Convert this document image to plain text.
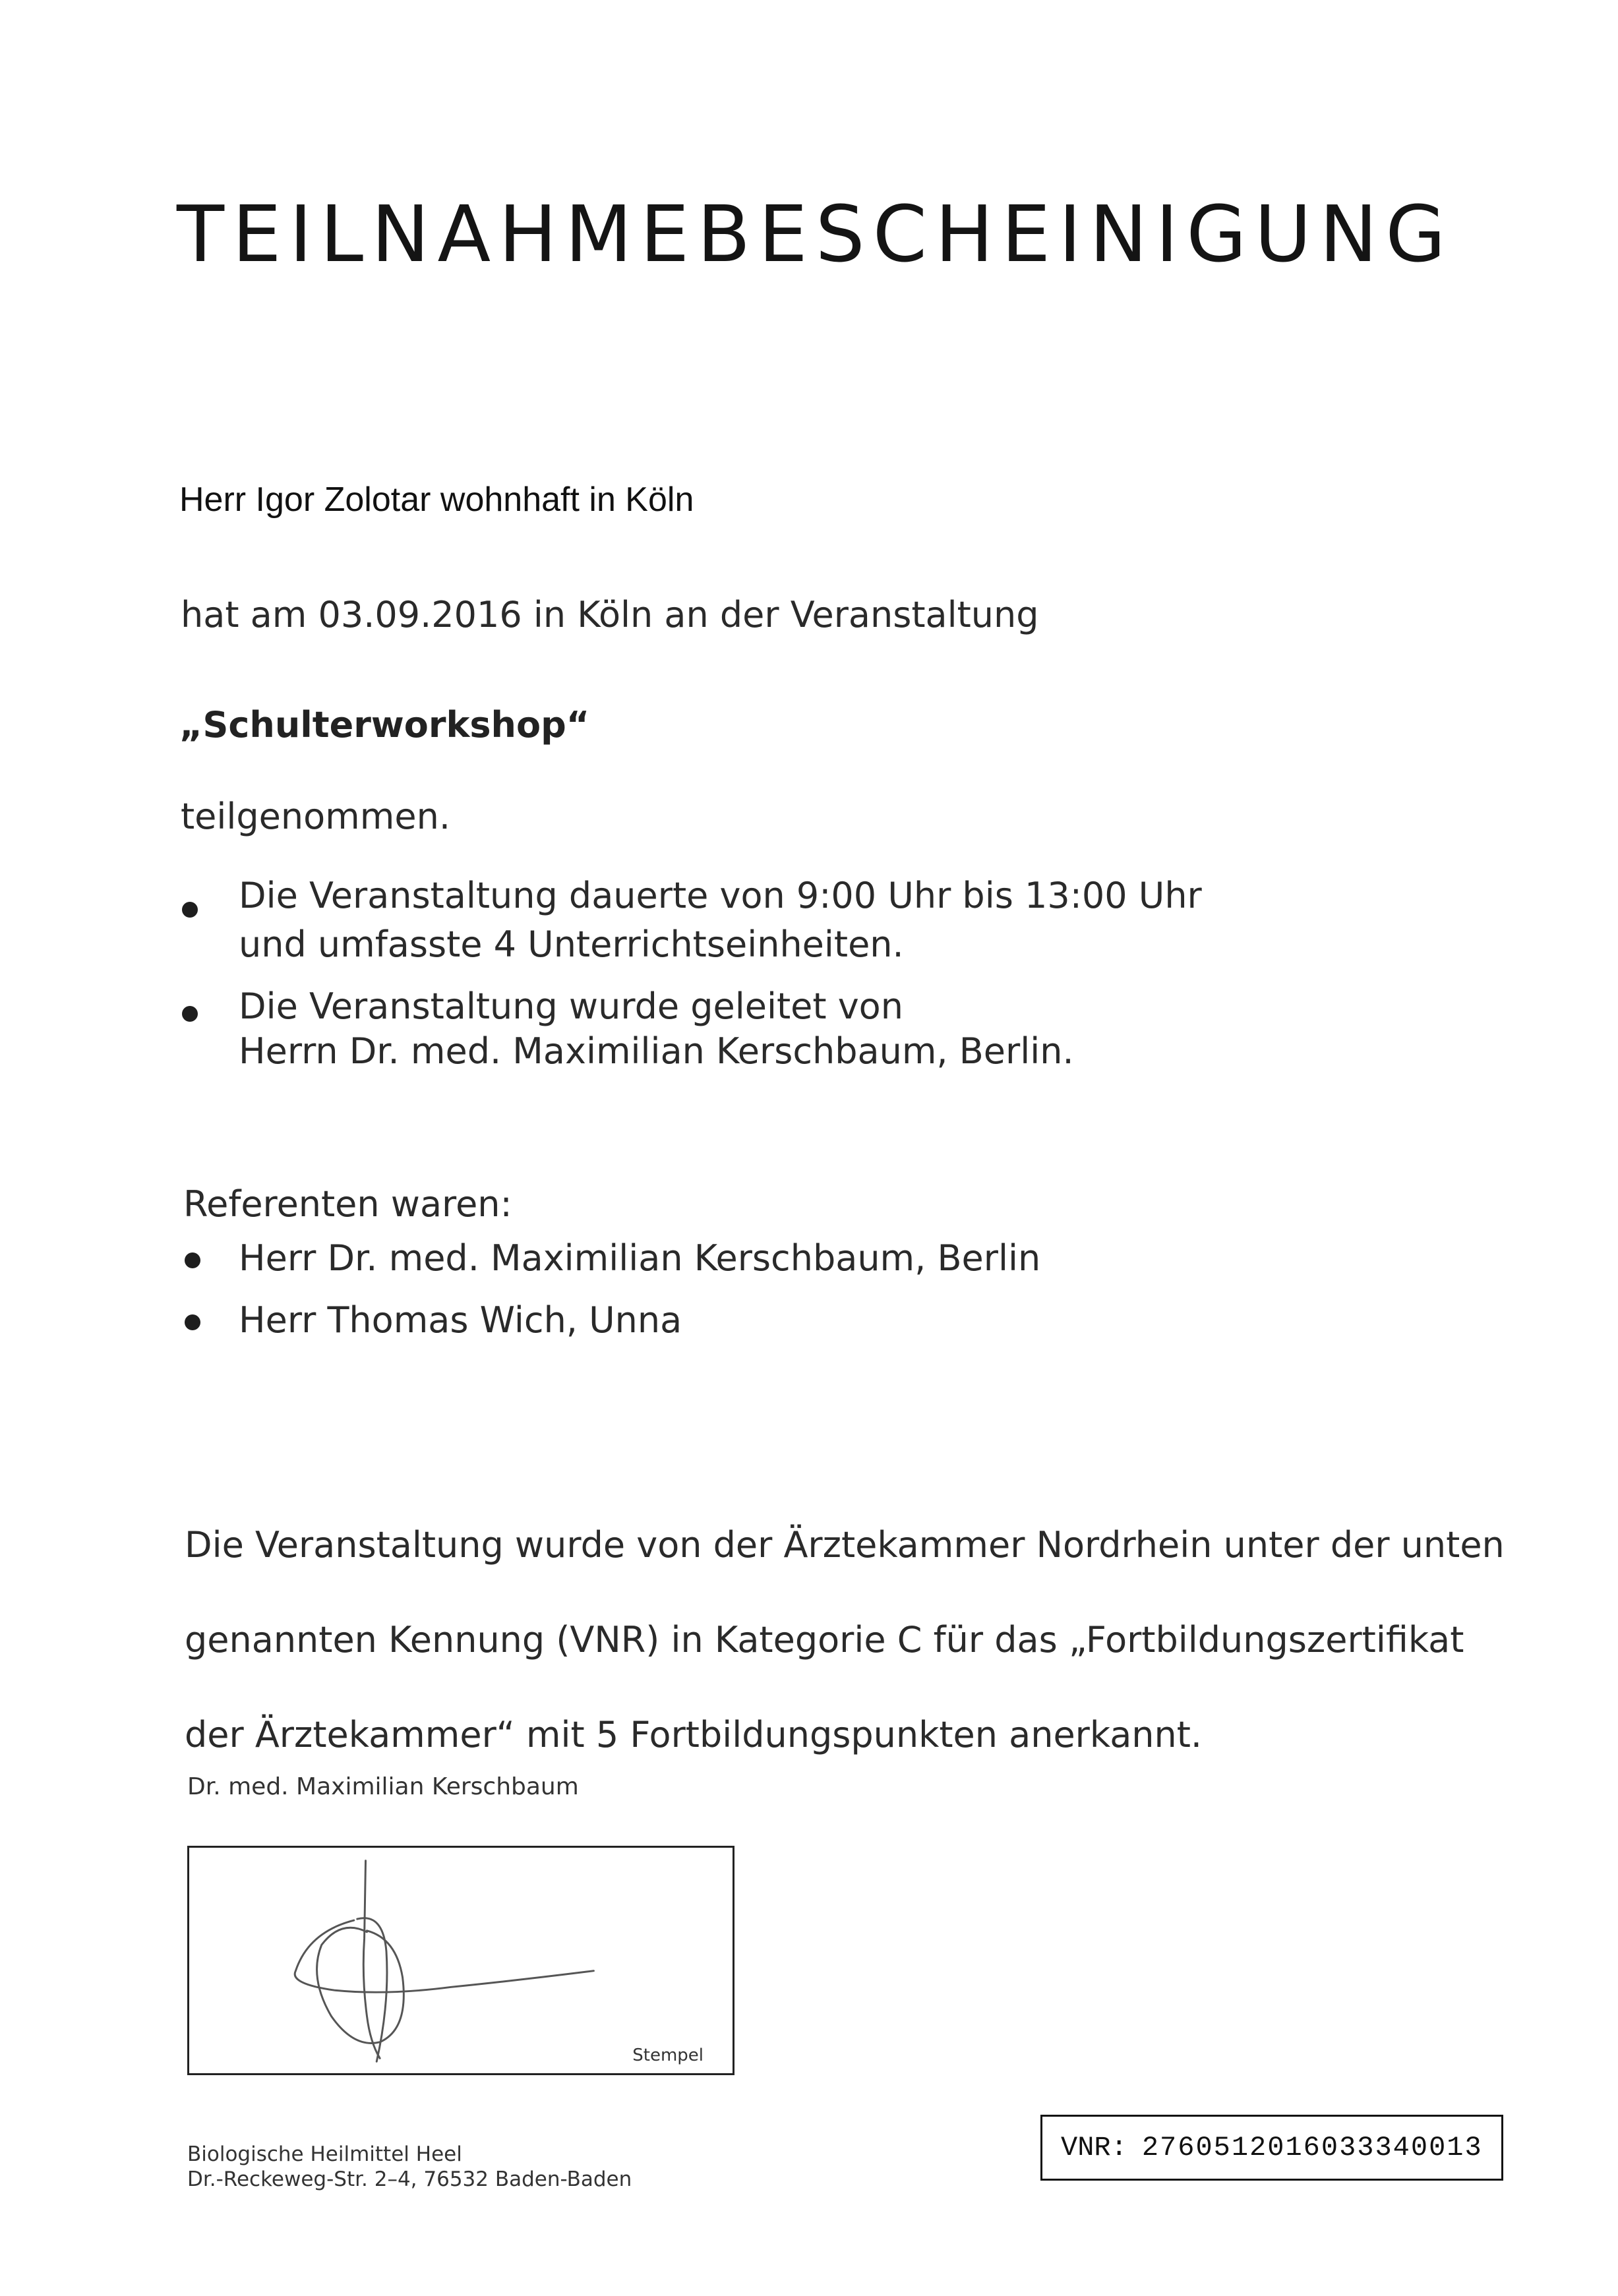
TEILNAHMEBESCHEINIGUNG
Herr Igor Zolotar wohnhaft in Köln
hat am 03.09.2016 in Köln an der Veranstaltung
„Schulterworkshop“
teilgenommen.
Die Veranstaltung dauerte von 9:00 Uhr bis 13:00 Uhr
und umfasste 4 Unterrichtseinheiten.
Die Veranstaltung wurde geleitet von
Herrn Dr. med. Maximilian Kerschbaum, Berlin.
Referenten waren:
Herr Dr. med. Maximilian Kerschbaum, Berlin
Herr Thomas Wich, Unna

Die Veranstaltung wurde von der Ärztekammer Nordrhein unter der unten

genannten Kennung (VNR) in Kategorie C für das „Fortbildungszertifikat

der Ärztekammer“ mit 5 Fortbildungspunkten anerkannt.

Dr. med. Maximilian Kerschbaum
Stempel
Biologische Heilmittel Heel
Dr.-Reckeweg-Str. 2–4, 76532 Baden-Baden
VNR: 2760512016033340013
